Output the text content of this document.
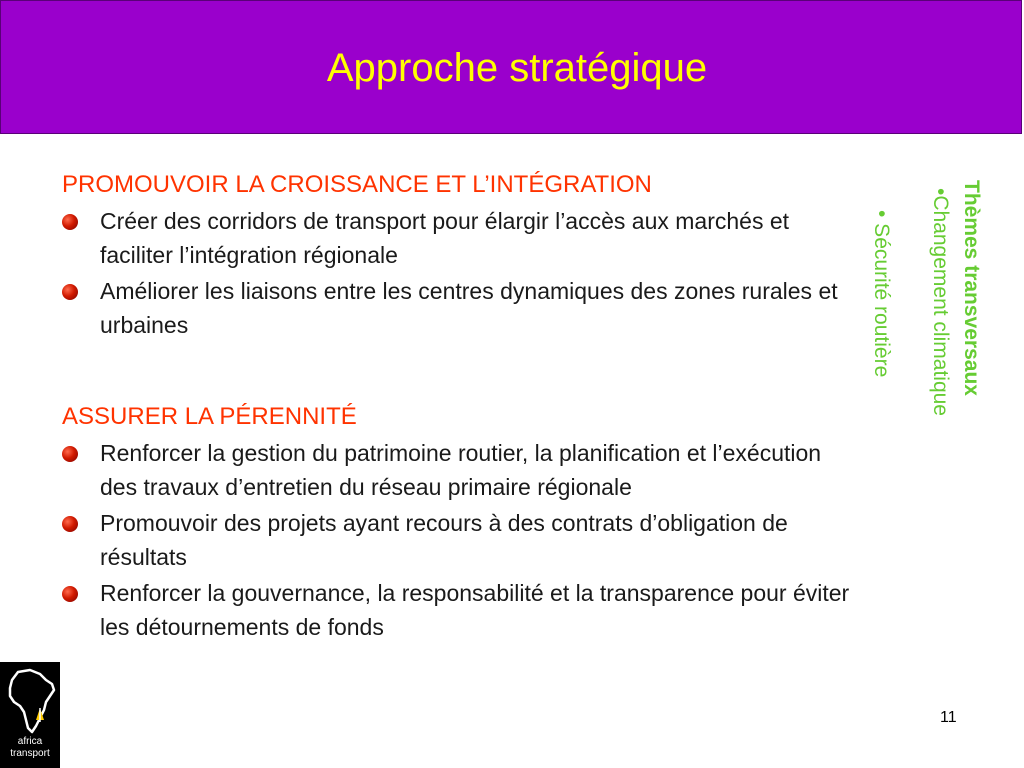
Approche stratégique

PROMOUVOIR LA CROISSANCE ET L’INTÉGRATION

Créer des corridors de transport pour élargir l’accès aux marchés et faciliter l’intégration régionale
Améliorer les liaisons entre les centres dynamiques des zones rurales et urbaines

ASSURER LA PÉRENNITÉ

Renforcer la gestion du patrimoine routier, la planification et l’exécution des travaux d’entretien du réseau primaire régionale
Promouvoir des projets ayant recours à des contrats d’obligation de résultats
Renforcer la gouvernance, la responsabilité et la transparence pour éviter les détournements de fonds
Thèmes transversaux
•Changement climatique
• Sécurité routière
africa
transport
11
